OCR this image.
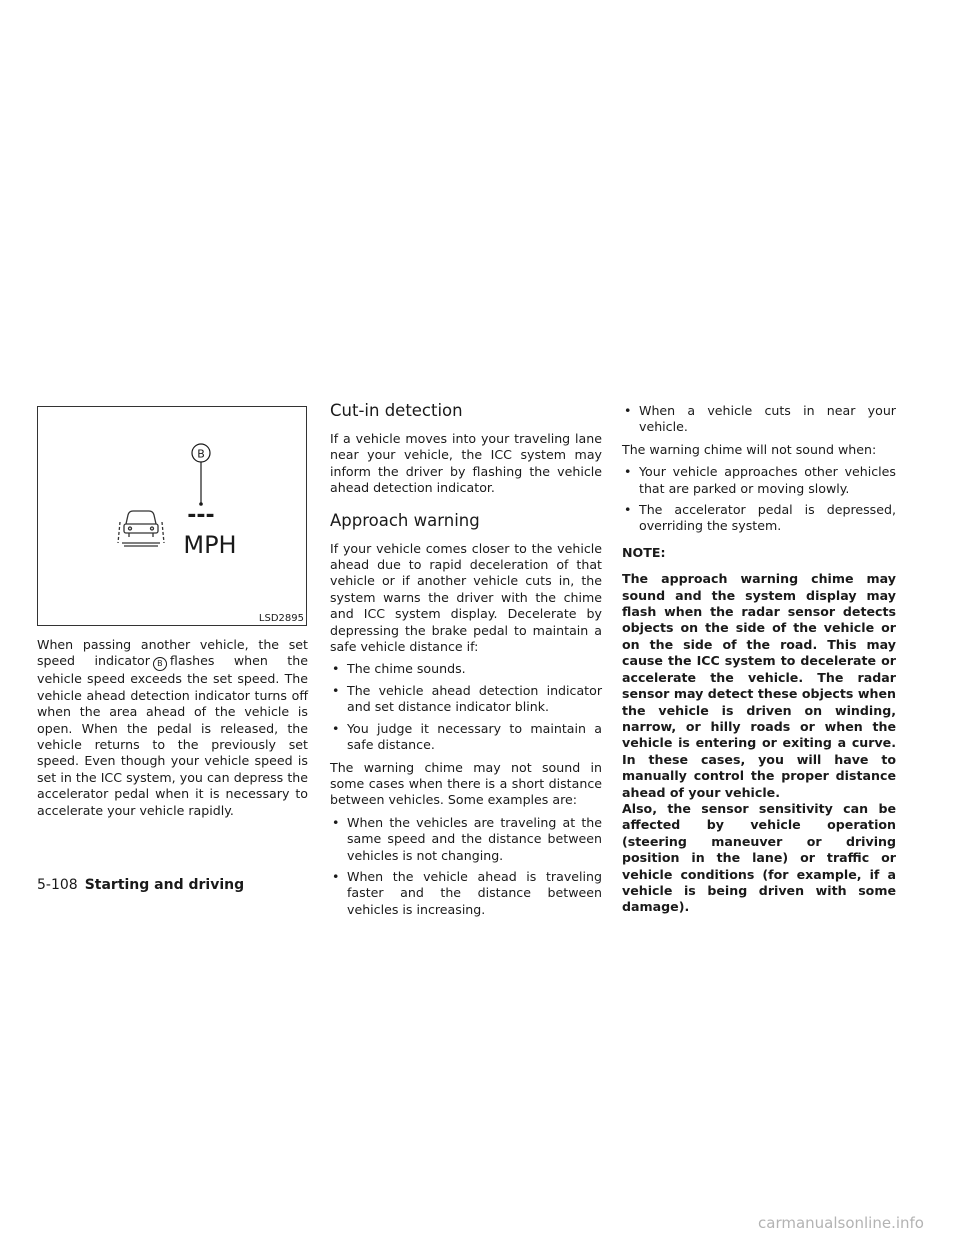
B
---
MPH
LSD2895

When passing another vehicle, the set speed indicator B flashes when the vehicle speed exceeds the set speed. The vehicle ahead detection indicator turns off when the area ahead of the vehicle is open. When the pedal is released, the vehicle returns to the previously set speed. Even though your vehicle speed is set in the ICC system, you can depress the accelerator pedal when it is necessary to accelerate your vehicle rapidly.

Cut-in detection

If a vehicle moves into your traveling lane near your vehicle, the ICC system may inform the driver by flashing the vehicle ahead detection indicator.

Approach warning

If your vehicle comes closer to the vehicle ahead due to rapid deceleration of that vehicle or if another vehicle cuts in, the system warns the driver with the chime and ICC system display. Decelerate by depressing the brake pedal to maintain a safe vehicle distance if:

• The chime sounds.
• The vehicle ahead detection indicator and set distance indicator blink.
• You judge it necessary to maintain a safe distance.

The warning chime may not sound in some cases when there is a short distance between vehicles. Some examples are:

• When the vehicles are traveling at the same speed and the distance between vehicles is not changing.
• When the vehicle ahead is traveling faster and the distance between vehicles is increasing.
• When a vehicle cuts in near your vehicle.

The warning chime will not sound when:

• Your vehicle approaches other vehicles that are parked or moving slowly.
• The accelerator pedal is depressed, overriding the system.
NOTE:

The approach warning chime may sound and the system display may flash when the radar sensor detects objects on the side of the vehicle or on the side of the road. This may cause the ICC system to decelerate or accelerate the vehicle. The radar sensor may detect these objects when the vehicle is driven on winding, narrow, or hilly roads or when the vehicle is entering or exiting a curve. In these cases, you will have to manually control the proper distance ahead of your vehicle.

Also, the sensor sensitivity can be affected by vehicle operation (steering maneuver or driving position in the lane) or traffic or vehicle conditions (for example, if a vehicle is being driven with some damage).

5-108 Starting and driving
carmanualsonline.info
